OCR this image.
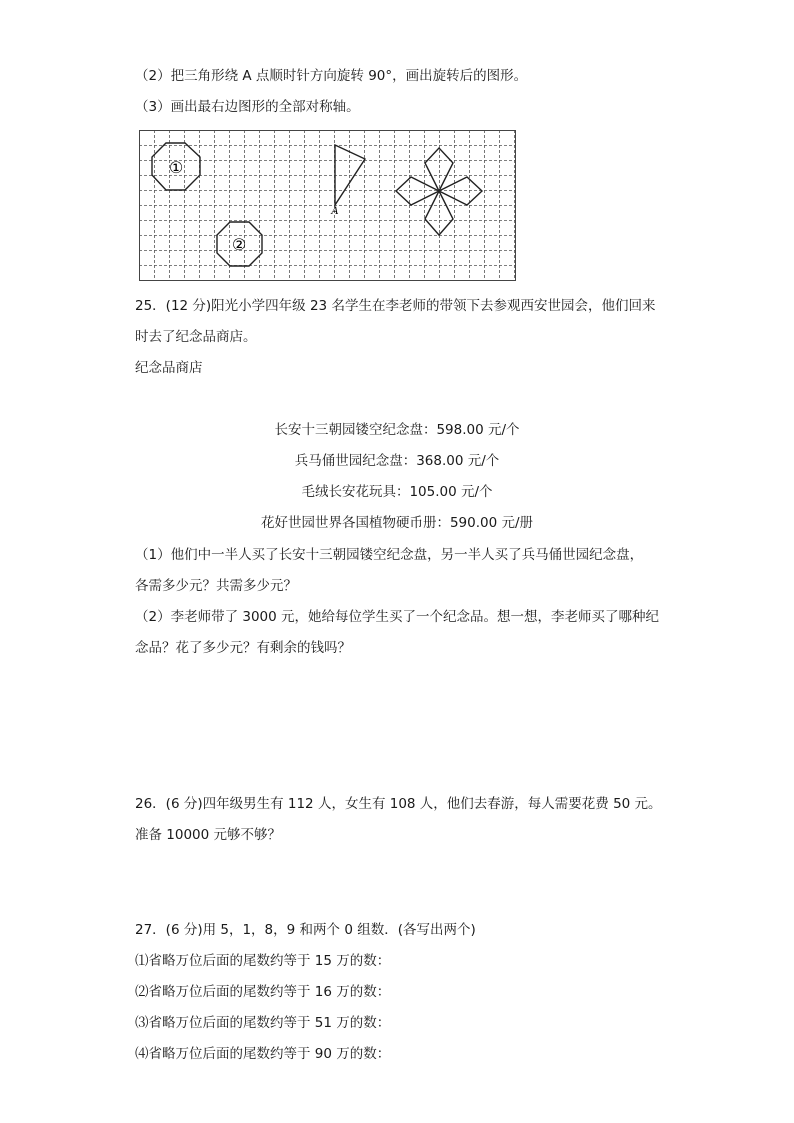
（2）把三角形绕 A 点顺时针方向旋转 90°，画出旋转后的图形。
（3）画出最右边图形的全部对称轴。
①
②
A
25．(12 分)阳光小学四年级 23 名学生在李老师的带领下去参观西安世园会，他们回来
时去了纪念品商店。
纪念品商店
长安十三朝园镂空纪念盘：598.00 元/个
兵马俑世园纪念盘：368.00 元/个
毛绒长安花玩具：105.00 元/个
花好世园世界各国植物硬币册：590.00 元/册
（1）他们中一半人买了长安十三朝园镂空纪念盘，另一半人买了兵马俑世园纪念盘，
各需多少元？共需多少元？
（2）李老师带了 3000 元，她给每位学生买了一个纪念品。想一想，李老师买了哪种纪
念品？花了多少元？有剩余的钱吗？
26．(6 分)四年级男生有 112 人，女生有 108 人，他们去春游，每人需要花费 50 元。
准备 10000 元够不够？
27．(6 分)用 5，1，8，9 和两个 0 组数．(各写出两个)
⑴省略万位后面的尾数约等于 15 万的数：
⑵省略万位后面的尾数约等于 16 万的数：
⑶省略万位后面的尾数约等于 51 万的数：
⑷省略万位后面的尾数约等于 90 万的数：
